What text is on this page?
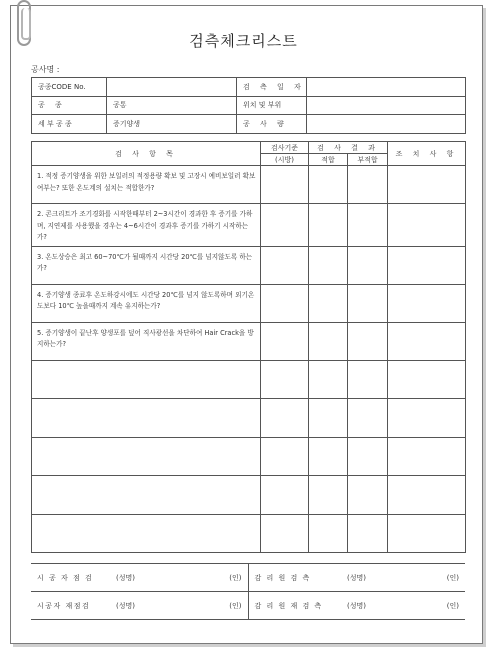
검측체크리스트
공사명 :
공종CODE No.		검 측 일 자	
공 종	공통	위치 및 부위	
세 부 공 종	증기양생	공 사 량	
검 사 항 목	검사기준	검 사 결 과		조 치 사 항
	(시방)	적합	부적합	
1. 적정 증기양생을 위한 보일러의 적정용량 확보 및 고장시 예비보일러 확보여부는? 또한 온도계의 설치는 적합한가?				
2. 콘크리트가 조기경화를 시작한때부터 2~3시간이 경과한 후 증기를 가하며, 지연제를 사용했을 경우는 4~6시간이 경과후 증기를 가하기 시작하는가?				
3. 온도상승은 최고 60~70℃가 될때까지 시간당 20℃를 넘지않도록 하는가?				
4. 증기양생 종료후 온도하강시에도 시간당 20℃를 넘지 않도록하며 외기온도보다 10℃ 높을때까지 계속 유지하는가?				
5. 증기양생이 끝난후 양생포를 덮어 직사광선을 차단하여 Hair Crack을 방지하는가?				

시 공 자 점 검	(성명)	(인)	감 리 원 검 측	(성명)	(인)
시공자 재점검	(성명)	(인)	감 리 원 재 검 측	(성명)	(인)
